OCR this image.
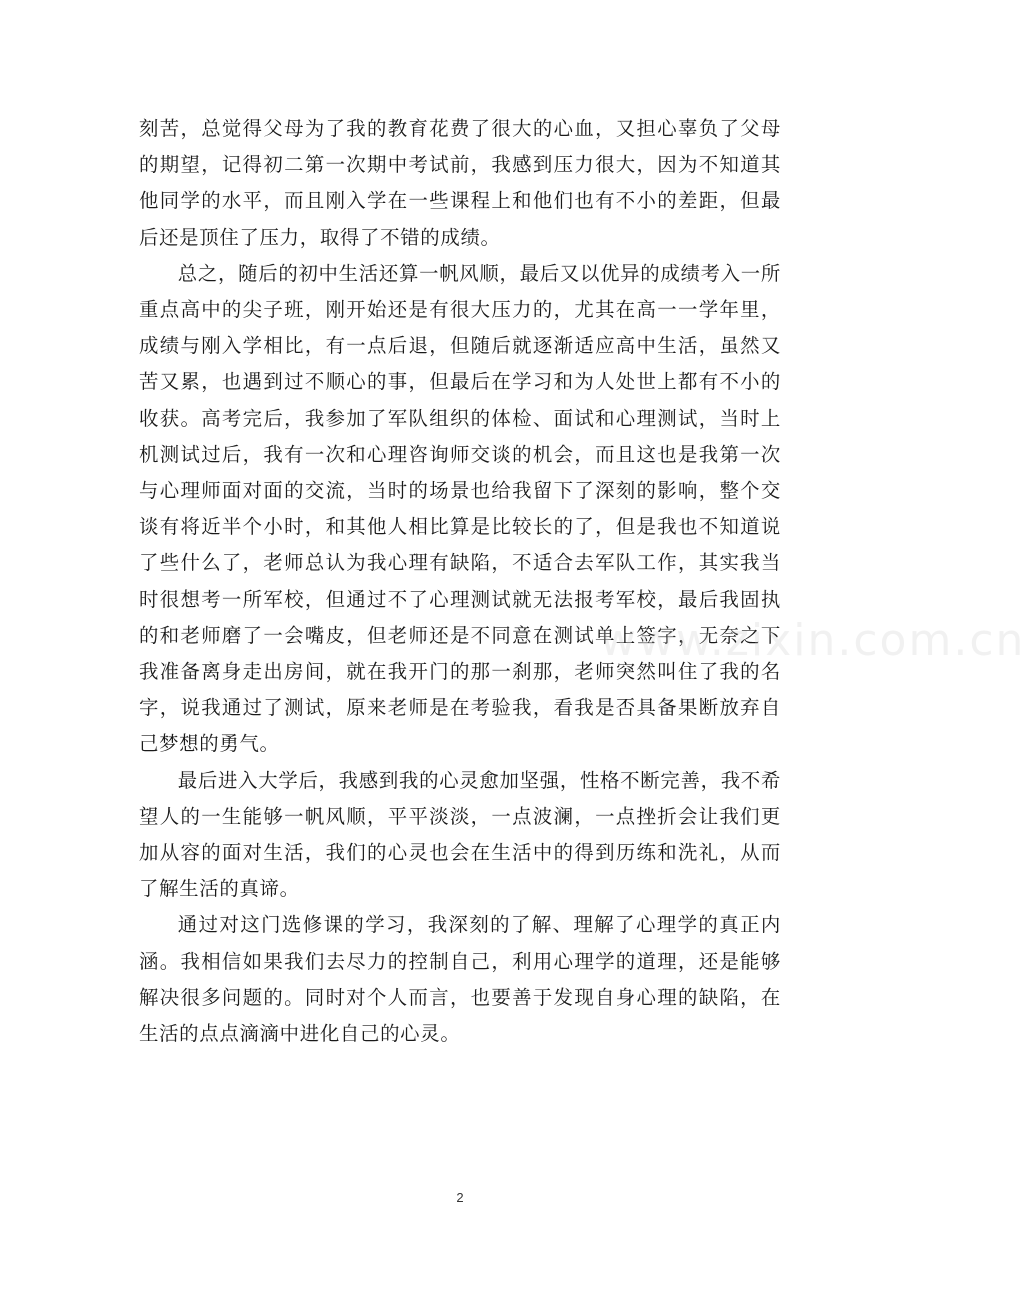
刻苦，总觉得父母为了我的教育花费了很大的心血，又担心辜负了父母的期望，记得初二第一次期中考试前，我感到压力很大，因为不知道其他同学的水平，而且刚入学在一些课程上和他们也有不小的差距，但最后还是顶住了压力，取得了不错的成绩。

总之，随后的初中生活还算一帆风顺，最后又以优异的成绩考入一所重点高中的尖子班，刚开始还是有很大压力的，尤其在高一一学年里，成绩与刚入学相比，有一点后退，但随后就逐渐适应高中生活，虽然又苦又累，也遇到过不顺心的事，但最后在学习和为人处世上都有不小的收获。高考完后，我参加了军队组织的体检、面试和心理测试，当时上机测试过后，我有一次和心理咨询师交谈的机会，而且这也是我第一次与心理师面对面的交流，当时的场景也给我留下了深刻的影响，整个交谈有将近半个小时，和其他人相比算是比较长的了，但是我也不知道说了些什么了，老师总认为我心理有缺陷，不适合去军队工作，其实我当时很想考一所军校，但通过不了心理测试就无法报考军校，最后我固执的和老师磨了一会嘴皮，但老师还是不同意在测试单上签字，无奈之下我准备离身走出房间，就在我开门的那一刹那，老师突然叫住了我的名字，说我通过了测试，原来老师是在考验我，看我是否具备果断放弃自己梦想的勇气。

最后进入大学后，我感到我的心灵愈加坚强，性格不断完善，我不希望人的一生能够一帆风顺，平平淡淡，一点波澜，一点挫折会让我们更加从容的面对生活，我们的心灵也会在生活中的得到历练和洗礼，从而了解生活的真谛。

通过对这门选修课的学习，我深刻的了解、理解了心理学的真正内涵。我相信如果我们去尽力的控制自己，利用心理学的道理，还是能够解决很多问题的。同时对个人而言，也要善于发现自身心理的缺陷，在生活的点点滴滴中进化自己的心灵。

www.zixin.com.cn
2
